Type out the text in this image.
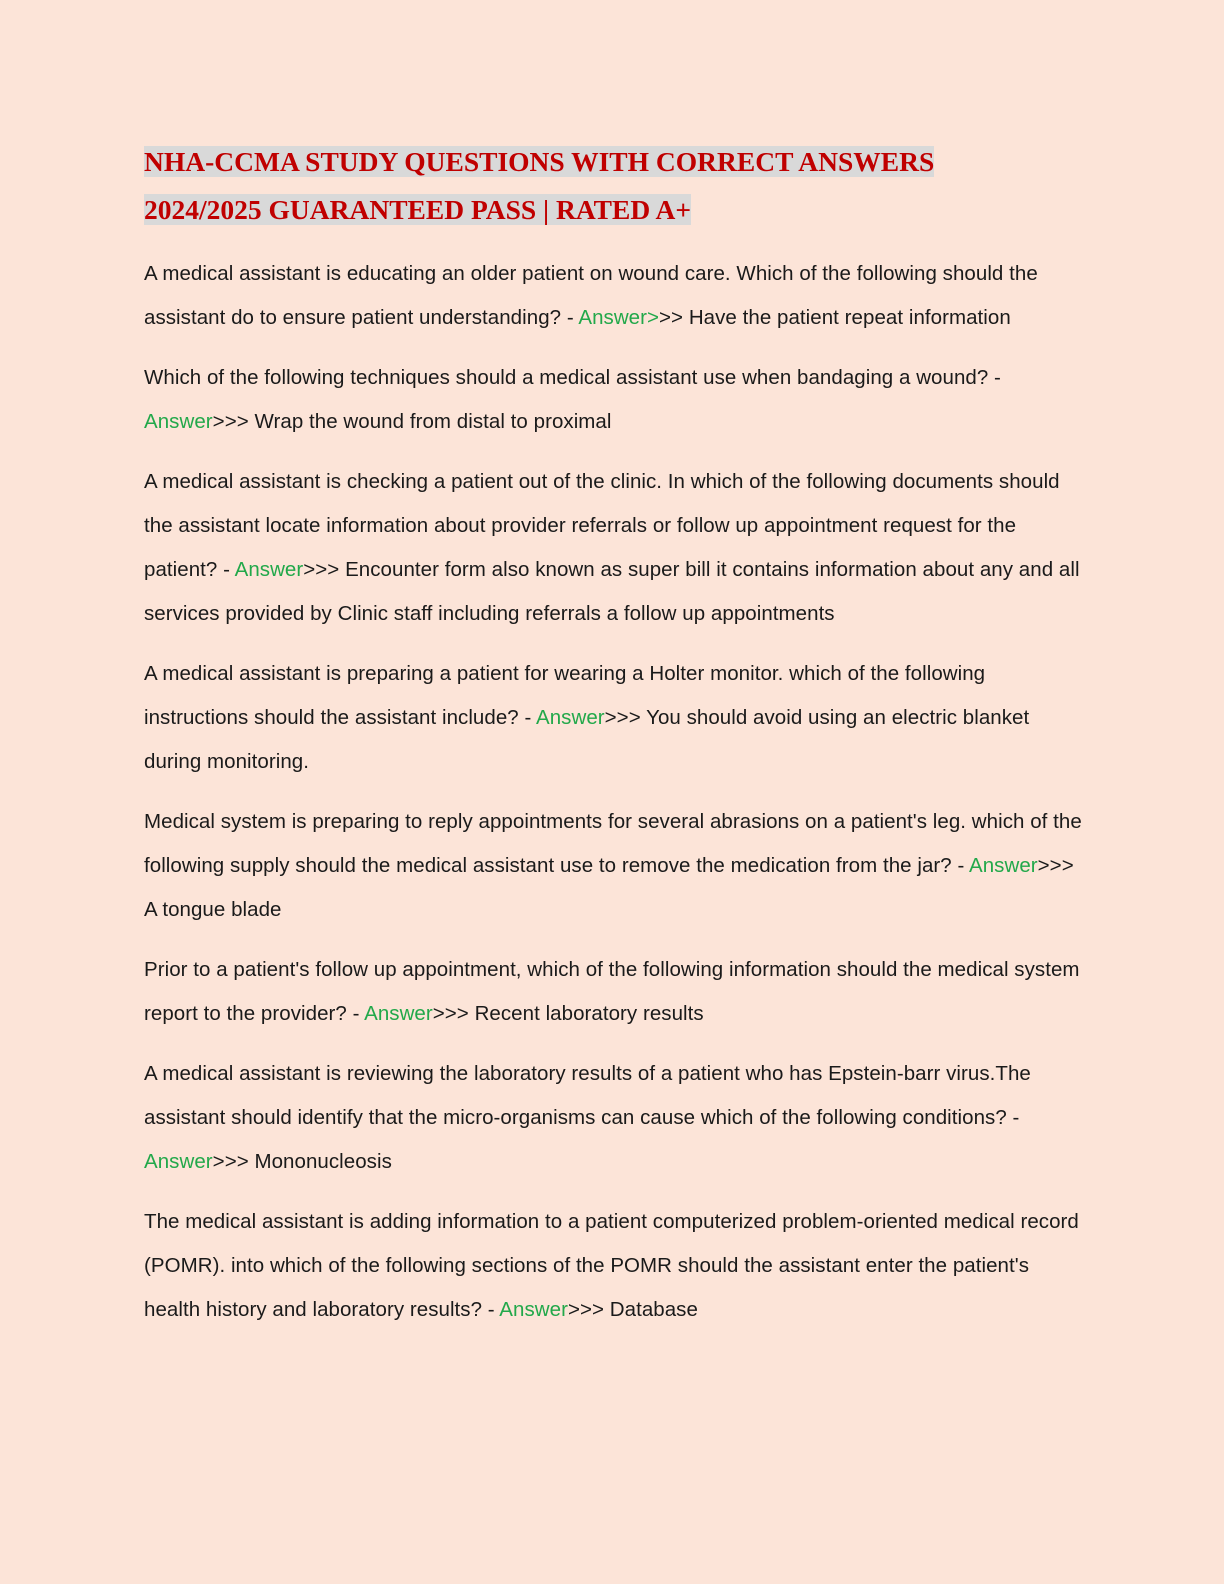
NHA-CCMA STUDY QUESTIONS WITH CORRECT ANSWERS
2024/2025 GUARANTEED PASS | RATED A+

A medical assistant is educating an older patient on wound care. Which of the following should the assistant do to ensure patient understanding? - Answer>>> Have the patient repeat information

Which of the following techniques should a medical assistant use when bandaging a wound? - Answer>>> Wrap the wound from distal to proximal

A medical assistant is checking a patient out of the clinic. In which of the following documents should the assistant locate information about provider referrals or follow up appointment request for the patient? - Answer>>> Encounter form also known as super bill it contains information about any and all services provided by Clinic staff including referrals a follow up appointments

A medical assistant is preparing a patient for wearing a Holter monitor. which of the following instructions should the assistant include? - Answer>>> You should avoid using an electric blanket during monitoring.

Medical system is preparing to reply appointments for several abrasions on a patient's leg. which of the following supply should the medical assistant use to remove the medication from the jar? - Answer>>> A tongue blade

Prior to a patient's follow up appointment, which of the following information should the medical system report to the provider? - Answer>>> Recent laboratory results

A medical assistant is reviewing the laboratory results of a patient who has Epstein-barr virus.The assistant should identify that the micro-organisms can cause which of the following conditions? - Answer>>> Mononucleosis

The medical assistant is adding information to a patient computerized problem-oriented medical record (POMR). into which of the following sections of the POMR should the assistant enter the patient's health history and laboratory results? - Answer>>> Database
